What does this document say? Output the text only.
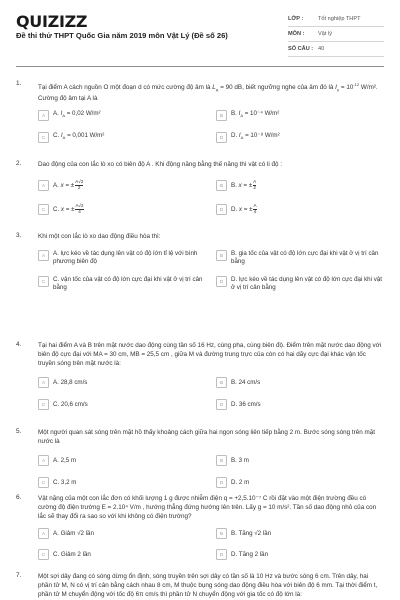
QUIZIZZ
Đề thi thử THPT Quốc Gia năm 2019 môn Vật Lý (Đề số 26)
LỚP :	Tốt nghiệp THPT
MÔN :	Vật lý
SỐ CÂU : 40
1.
Tại điểm A cách nguồn O một đoạn d có mức cường độ âm là $L_A = 90$ dB, biết ngưỡng nghe của âm đó là $I_0 = 10^{-12}$ W/m². Cường độ âm tại A là
A	A. $I_A = 0,02$ W/m²	B	B. $I_A = 10^{-4}$ W/m²
C	C. $I_A = 0,001$ W/m²	D	D. $I_A = 10^{-8}$ W/m²
2.	Dao động của con lắc lò xo có biên độ A . Khi động năng bằng thế năng thì vật có li độ :
A	A. x = ± $\frac{A√2}{2}$	B	B. x = ± $\frac{A}{2}$
C	C. x = ± $\frac{A√2}{4}$	D	D. x = ± $\frac{A}{4}$
3.	Khi một con lắc lò xo dao động điều hòa thì:
A	A. lực kéo về tác dụng lên vật có độ lớn tỉ lệ với bình phương biên độ
B	B. gia tốc của vật có độ lớn cực đại khi vật ở vị trí cân bằng
C	C. vận tốc của vật có độ lớn cực đại khi vật ở vị trí cân bằng
D	D. lực kéo về tác dụng lên vật có độ lớn cực đại khi vật ở vị trí cân bằng
4.	Tại hai điểm A và B trên mặt nước dao động cùng tần số 16 Hz, cùng pha, cùng biên độ. Điểm trên mặt nước dao động với biên độ cực đại với MA = 30 cm, MB = 25,5 cm , giữa M và đường trung trực của còn có hai dãy cực đại khác vận tốc truyền sóng trên mặt nước là:
A	A. 28,8 cm/s	B	B. 24 cm/s
C	C. 20,6 cm/s	D	D. 36 cm/s
5.	Một người quan sát sóng trên mặt hồ thấy khoảng cách giữa hai ngọn sóng liên tiếp bằng 2 m. Bước sóng sóng trên mặt nước là
A	A. 2,5 m	B	B. 3 m
C	C. 3,2 m	D	D. 2 m
6.	Vật nặng của một con lắc đơn có khối lượng 1 g được nhiễm điện q = +2,5.10⁻⁷ C rồi đặt vào một điện trường đều có cường độ điện trường E = 2.10⁴ V/m , hướng thẳng đứng hướng lên trên. Lấy g = 10 m/s². Tần số dao động nhỏ của con lắc sẽ thay đổi ra sao so với khi không có điện trường?
A	A. Giảm √2 lần	B	B. Tăng √2 lần
C	C. Giảm 2 lần	D	D. Tăng 2 lần
7.	Một sợi dây đang có sóng dừng ổn định, sóng truyền trên sợi dây có tần số là 10 Hz và bước sóng 6 cm. Trên dây, hai phần tử M, N có vị trí cân bằng cách nhau 8 cm, M thuộc bụng sóng dao động điều hòa với biên độ 6 mm. Tại thời điểm t, phần tử M chuyển động với tốc độ 6π cm/s thì phần tử N chuyển động với gia tốc có độ lớn là:
